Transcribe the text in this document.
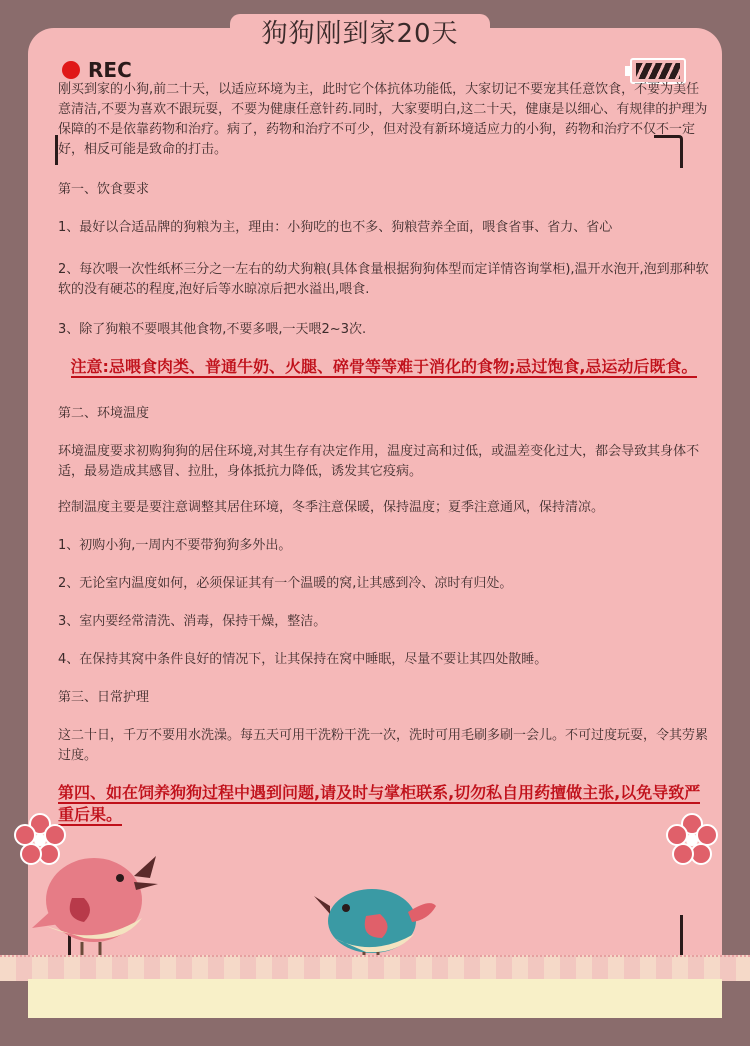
狗狗刚到家20天
REC

刚买到家的小狗,前二十天，以适应环境为主，此时它个体抗体功能低，大家切记不要宠其任意饮食，不要为美任意清洁,不要为喜欢不跟玩耍，不要为健康任意针药.同时，大家要明白,这二十天，健康是以细心、有规律的护理为保障的不是依靠药物和治疗。病了，药物和治疗不可少，但对没有新环境适应力的小狗，药物和治疗不仅不一定好，相反可能是致命的打击。

第一、饮食要求

1、最好以合适品牌的狗粮为主，理由：小狗吃的也不多、狗粮营养全面，喂食省事、省力、省心

2、每次喂一次性纸杯三分之一左右的幼犬狗粮(具体食量根据狗狗体型而定详情咨询掌柜),温开水泡开,泡到那种软软的没有硬芯的程度,泡好后等水晾凉后把水溢出,喂食.

3、除了狗粮不要喂其他食物,不要多喂,一天喂2~3次.

注意:忌喂食肉类、普通牛奶、火腿、碎骨等等难于消化的食物;忌过饱食,忌运动后既食。

第二、环境温度

环境温度要求初购狗狗的居住环境,对其生存有决定作用，温度过高和过低，或温差变化过大，都会导致其身体不适，最易造成其感冒、拉肚，身体抵抗力降低，诱发其它疫病。

控制温度主要是要注意调整其居住环境，冬季注意保暖，保持温度；夏季注意通风，保持清凉。

1、初购小狗,一周内不要带狗狗多外出。

2、无论室内温度如何，必须保证其有一个温暖的窝,让其感到冷、凉时有归处。

3、室内要经常清洗、消毒，保持干燥，整洁。

4、在保持其窝中条件良好的情况下，让其保持在窝中睡眠，尽量不要让其四处散睡。

第三、日常护理

这二十日，千万不要用水洗澡。每五天可用干洗粉干洗一次，洗时可用毛刷多刷一会儿。不可过度玩耍，令其劳累过度。

第四、如在饲养狗狗过程中遇到问题,请及时与掌柜联系,切勿私自用药擅做主张,以免导致严重后果。
